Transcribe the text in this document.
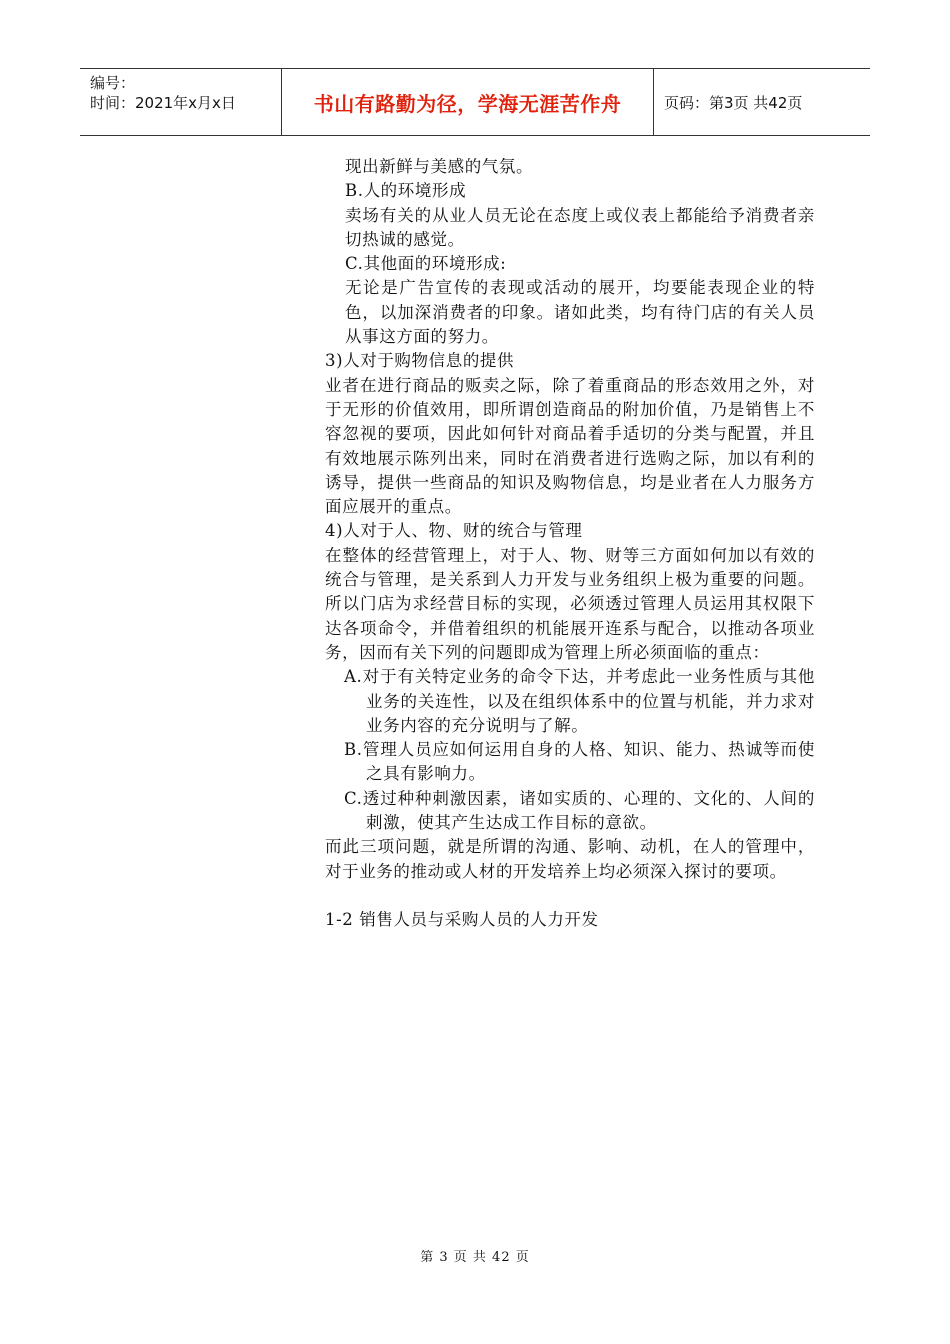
编号：
时间：2021年x月x日	书山有路勤为径，学海无涯苦作舟	页码：第3页 共42页

现出新鲜与美感的气氛。

B.人的环境形成

卖场有关的从业人员无论在态度上或仪表上都能给予消费者亲切热诚的感觉。

C.其他面的环境形成:

无论是广告宣传的表现或活动的展开，均要能表现企业的特色，以加深消费者的印象。诸如此类，均有待门店的有关人员从事这方面的努力。

3)人对于购物信息的提供

业者在进行商品的贩卖之际，除了着重商品的形态效用之外，对于无形的价值效用，即所谓创造商品的附加价值，乃是销售上不容忽视的要项，因此如何针对商品着手适切的分类与配置，并且有效地展示陈列出来，同时在消费者进行选购之际，加以有利的诱导，提供一些商品的知识及购物信息，均是业者在人力服务方面应展开的重点。

4)人对于人、物、财的统合与管理

在整体的经营管理上，对于人、物、财等三方面如何加以有效的统合与管理，是关系到人力开发与业务组织上极为重要的问题。所以门店为求经营目标的实现，必须透过管理人员运用其权限下达各项命令，并借着组织的机能展开连系与配合，以推动各项业务，因而有关下列的问题即成为管理上所必须面临的重点：

A.对于有关特定业务的命令下达，并考虑此一业务性质与其他业务的关连性，以及在组织体系中的位置与机能，并力求对业务内容的充分说明与了解。

B.管理人员应如何运用自身的人格、知识、能力、热诚等而使之具有影响力。

C.透过种种刺激因素，诸如实质的、心理的、文化的、人间的刺激，使其产生达成工作目标的意欲。

而此三项问题，就是所谓的沟通、影响、动机，在人的管理中，对于业务的推动或人材的开发培养上均必须深入探讨的要项。

1-2 销售人员与采购人员的人力开发

第 3 页 共 42 页
